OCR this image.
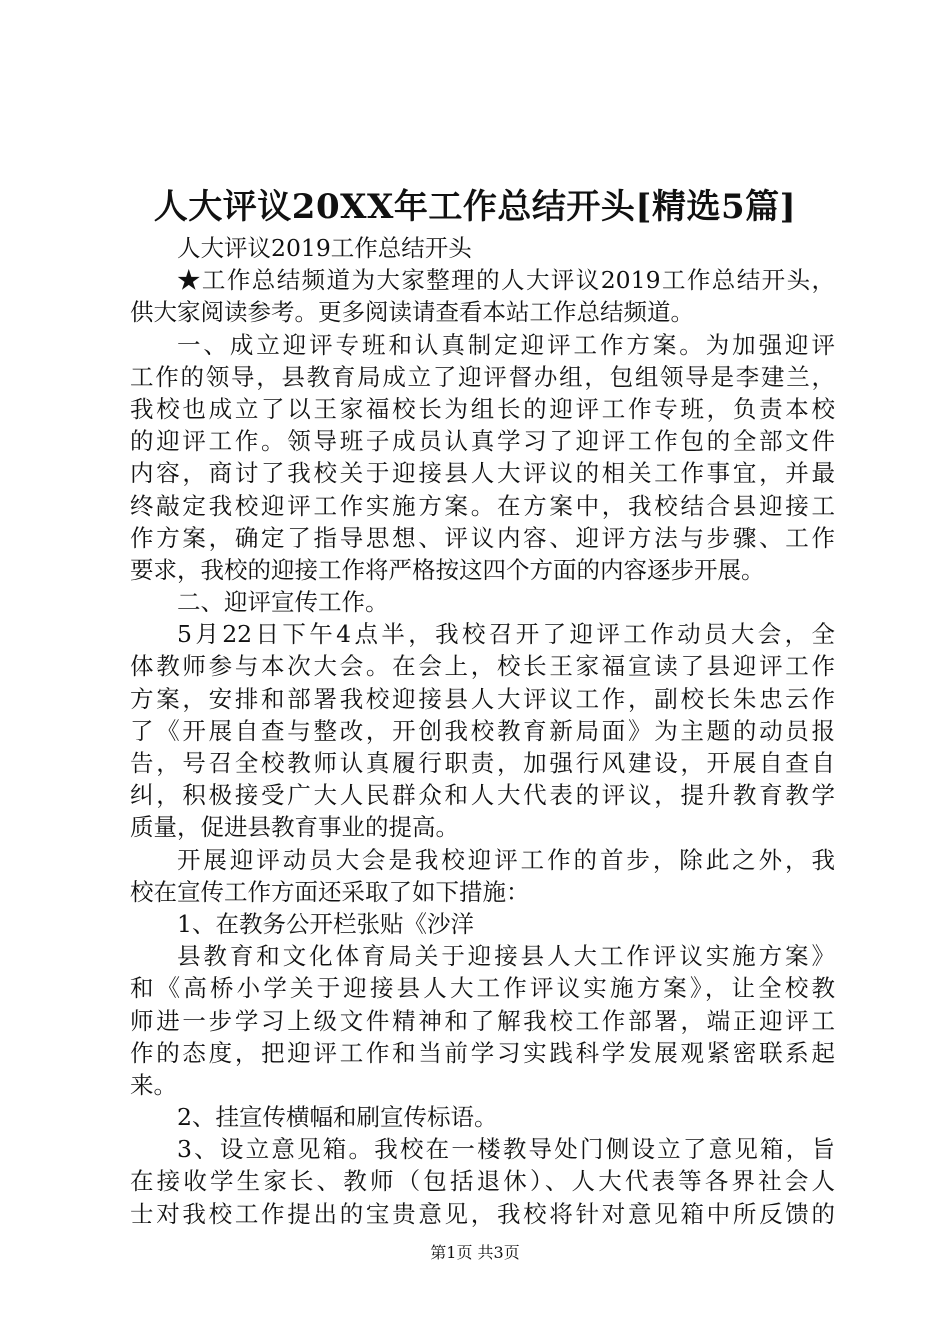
人大评议20XX年工作总结开头[精选5篇]
人大评议2019工作总结开头
★工作总结频道为大家整理的人大评议2019工作总结开头，
供大家阅读参考。更多阅读请查看本站工作总结频道。
一、成立迎评专班和认真制定迎评工作方案。为加强迎评
工作的领导，县教育局成立了迎评督办组，包组领导是李建兰，
我校也成立了以王家福校长为组长的迎评工作专班，负责本校
的迎评工作。领导班子成员认真学习了迎评工作包的全部文件
内容，商讨了我校关于迎接县人大评议的相关工作事宜，并最
终敲定我校迎评工作实施方案。在方案中，我校结合县迎接工
作方案，确定了指导思想、评议内容、迎评方法与步骤、工作
要求，我校的迎接工作将严格按这四个方面的内容逐步开展。
二、迎评宣传工作。
5月22日下午4点半，我校召开了迎评工作动员大会，全
体教师参与本次大会。在会上，校长王家福宣读了县迎评工作
方案，安排和部署我校迎接县人大评议工作，副校长朱忠云作
了《开展自查与整改，开创我校教育新局面》为主题的动员报
告，号召全校教师认真履行职责，加强行风建设，开展自查自
纠，积极接受广大人民群众和人大代表的评议，提升教育教学
质量，促进县教育事业的提高。
开展迎评动员大会是我校迎评工作的首步，除此之外，我
校在宣传工作方面还采取了如下措施：
1、在教务公开栏张贴《沙洋
县教育和文化体育局关于迎接县人大工作评议实施方案》
和《高桥小学关于迎接县人大工作评议实施方案》，让全校教
师进一步学习上级文件精神和了解我校工作部署，端正迎评工
作的态度，把迎评工作和当前学习实践科学发展观紧密联系起
来。
2、挂宣传横幅和刷宣传标语。
3、设立意见箱。我校在一楼教导处门侧设立了意见箱，旨
在接收学生家长、教师（包括退休）、人大代表等各界社会人
士对我校工作提出的宝贵意见，我校将针对意见箱中所反馈的
第1页 共3页
